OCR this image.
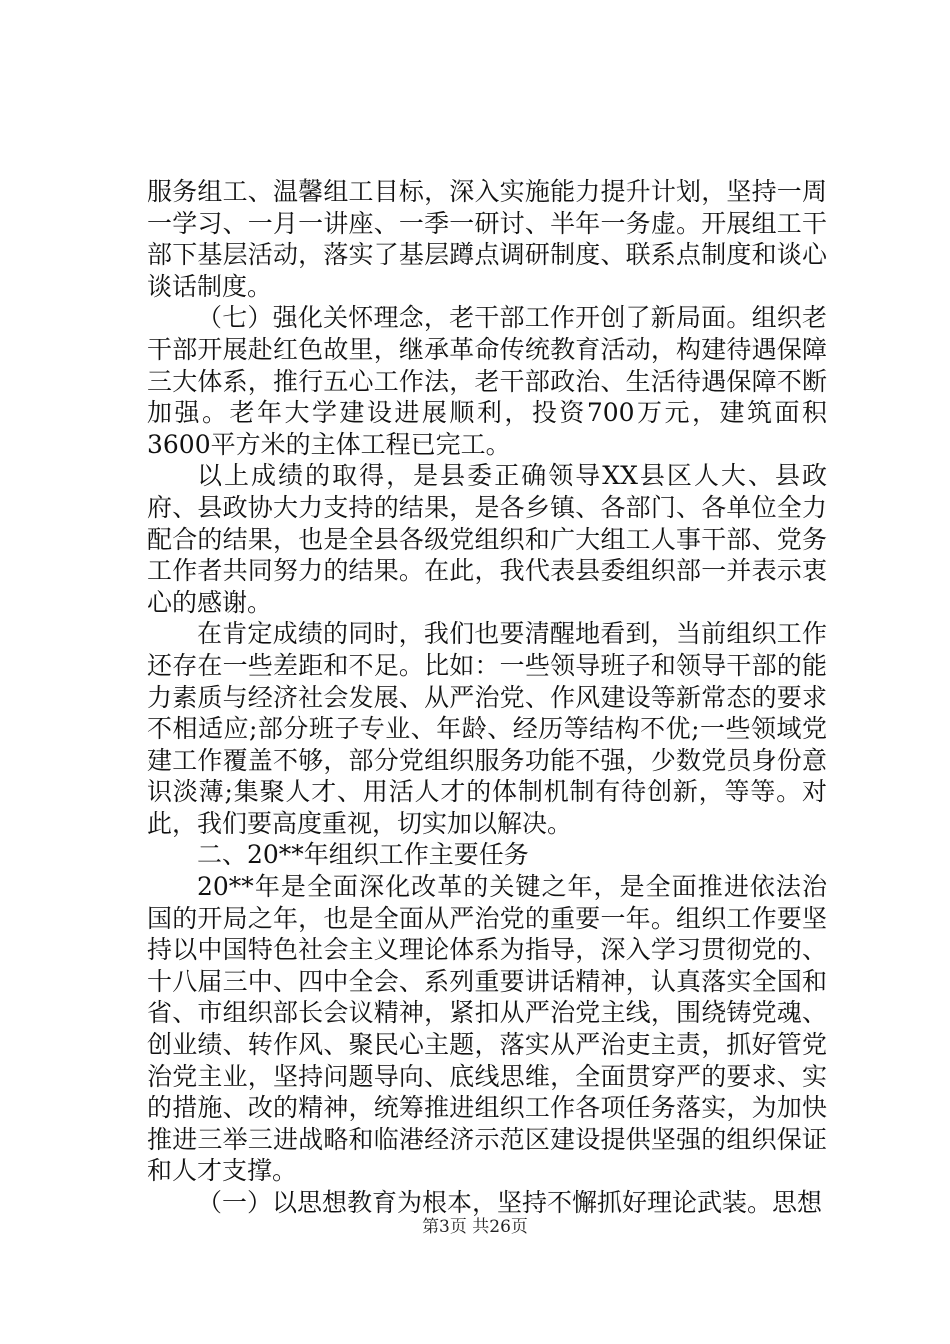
服务组工、温馨组工目标，深入实施能力提升计划，坚持一周一学习、一月一讲座、一季一研讨、半年一务虚。开展组工干部下基层活动，落实了基层蹲点调研制度、联系点制度和谈心谈话制度。

（七）强化关怀理念，老干部工作开创了新局面。组织老干部开展赴红色故里，继承革命传统教育活动，构建待遇保障三大体系，推行五心工作法，老干部政治、生活待遇保障不断加强。老年大学建设进展顺利，投资700万元，建筑面积3600平方米的主体工程已完工。

以上成绩的取得，是县委正确领导XX县区人大、县政府、县政协大力支持的结果，是各乡镇、各部门、各单位全力配合的结果，也是全县各级党组织和广大组工人事干部、党务工作者共同努力的结果。在此，我代表县委组织部一并表示衷心的感谢。

在肯定成绩的同时，我们也要清醒地看到，当前组织工作还存在一些差距和不足。比如：一些领导班子和领导干部的能力素质与经济社会发展、从严治党、作风建设等新常态的要求不相适应;部分班子专业、年龄、经历等结构不优;一些领域党建工作覆盖不够，部分党组织服务功能不强，少数党员身份意识淡薄;集聚人才、用活人才的体制机制有待创新，等等。对此，我们要高度重视，切实加以解决。

二、20**年组织工作主要任务

20**年是全面深化改革的关键之年，是全面推进依法治国的开局之年，也是全面从严治党的重要一年。组织工作要坚持以中国特色社会主义理论体系为指导，深入学习贯彻党的、十八届三中、四中全会、系列重要讲话精神，认真落实全国和省、市组织部长会议精神，紧扣从严治党主线，围绕铸党魂、创业绩、转作风、聚民心主题，落实从严治吏主责，抓好管党治党主业，坚持问题导向、底线思维，全面贯穿严的要求、实的措施、改的精神，统筹推进组织工作各项任务落实，为加快推进三举三进战略和临港经济示范区建设提供坚强的组织保证和人才支撑。

（一）以思想教育为根本，坚持不懈抓好理论武装。思想

第3页 共26页
